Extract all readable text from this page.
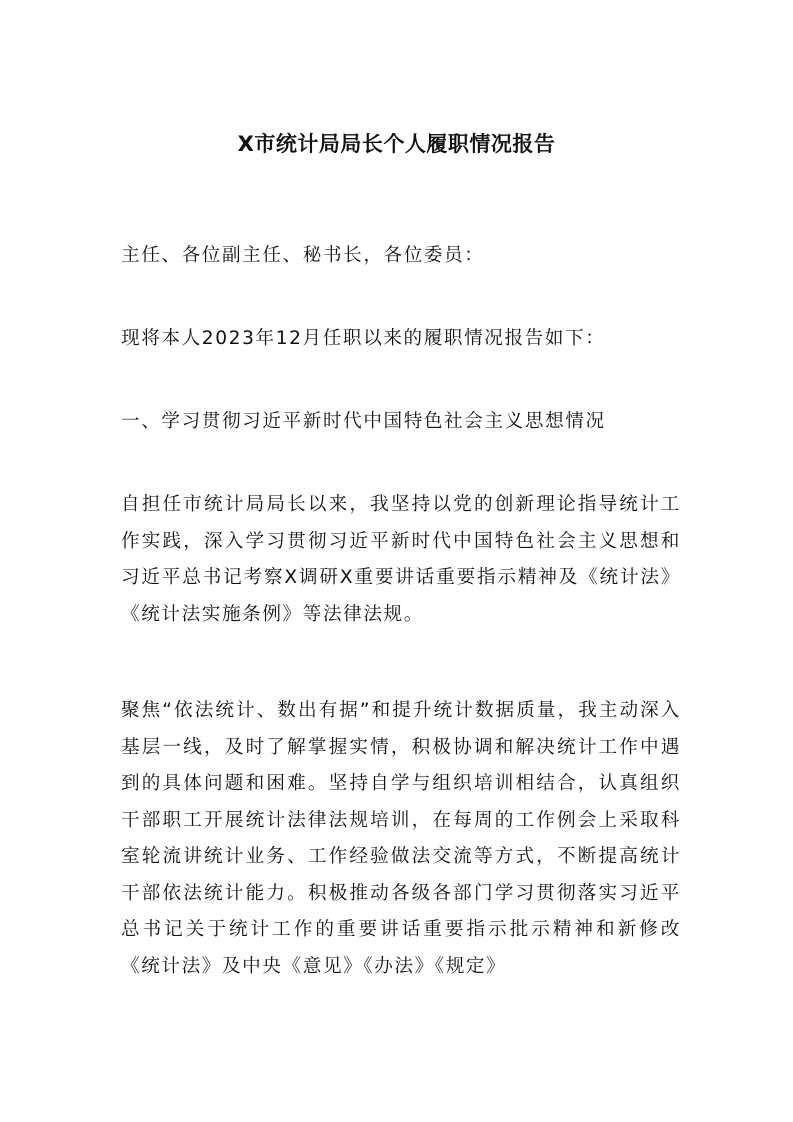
X市统计局局长个人履职情况报告

主任、各位副主任、秘书长，各位委员：

现将本人2023年12月任职以来的履职情况报告如下：

一、学习贯彻习近平新时代中国特色社会主义思想情况

自担任市统计局局长以来，我坚持以党的创新理论指导统计工作实践，深入学习贯彻习近平新时代中国特色社会主义思想和习近平总书记考察X调研X重要讲话重要指示精神及《统计法》《统计法实施条例》等法律法规。

聚焦“依法统计、数出有据”和提升统计数据质量，我主动深入基层一线，及时了解掌握实情，积极协调和解决统计工作中遇到的具体问题和困难。坚持自学与组织培训相结合，认真组织干部职工开展统计法律法规培训，在每周的工作例会上采取科室轮流讲统计业务、工作经验做法交流等方式，不断提高统计干部依法统计能力。积极推动各级各部门学习贯彻落实习近平总书记关于统计工作的重要讲话重要指示批示精神和新修改《统计法》及中央《意见》《办法》《规定》
